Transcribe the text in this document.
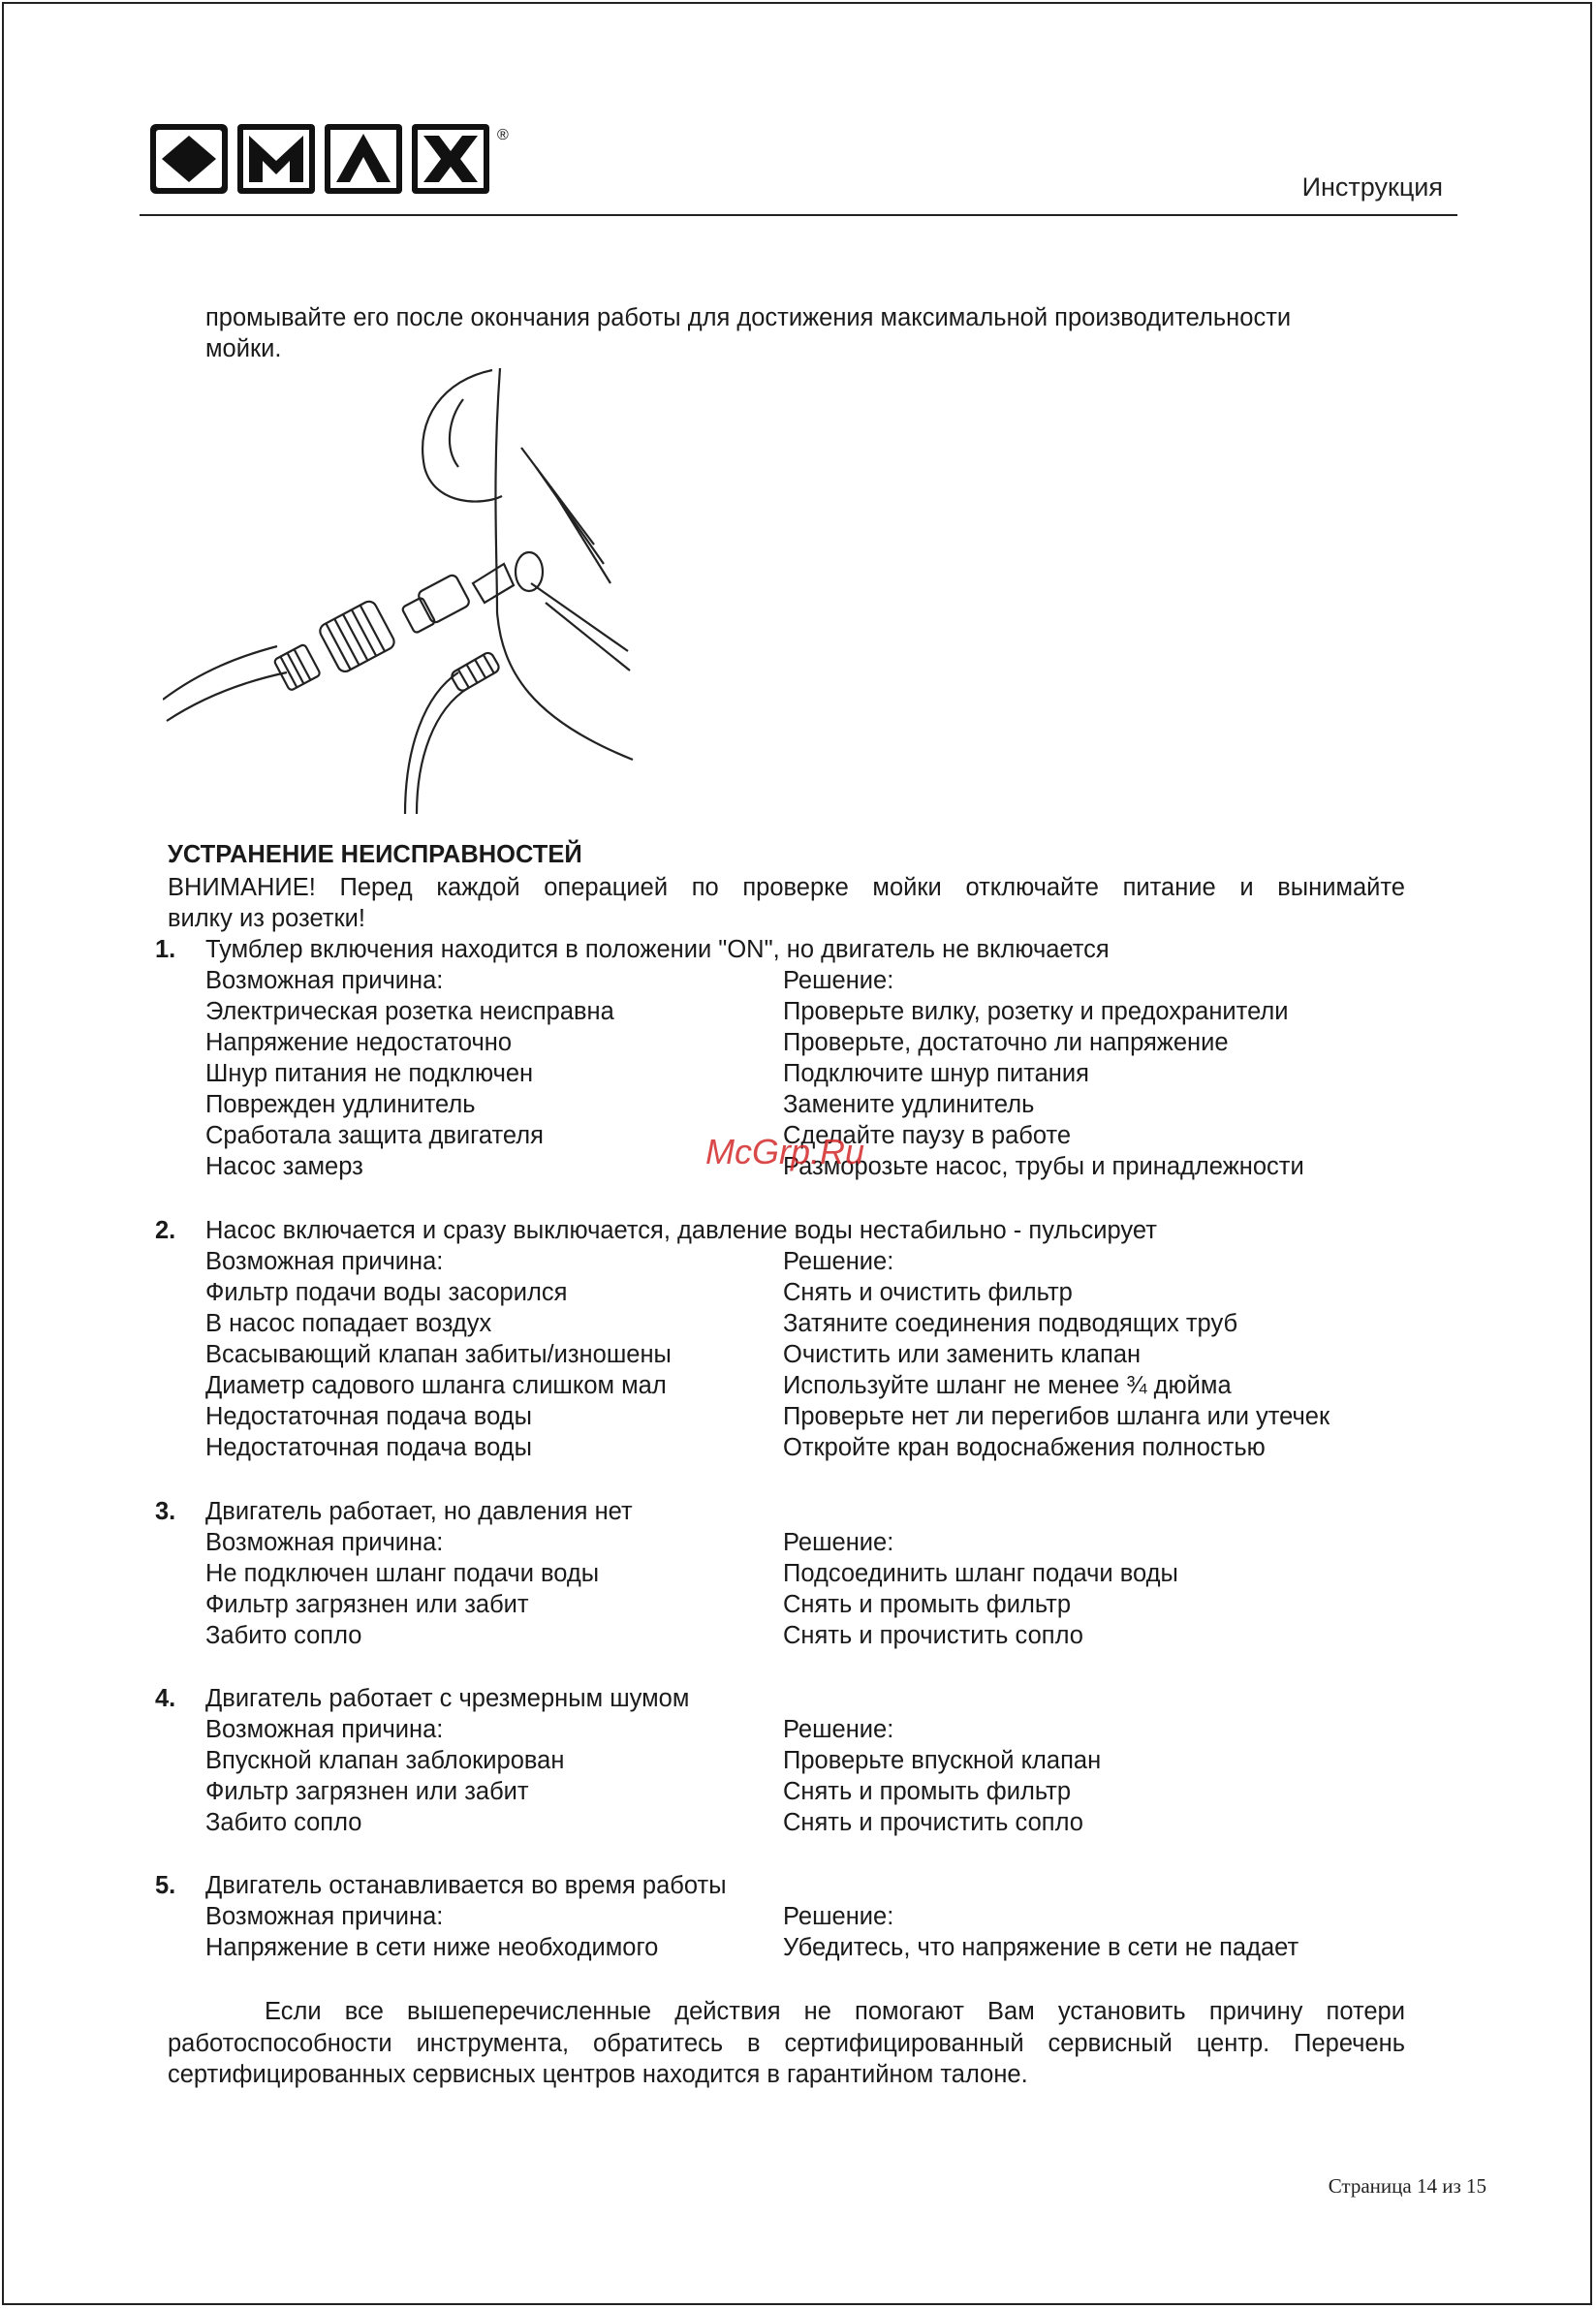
®
Инструкция
промывайте его после окончания работы для достижения максимальной производительности
мойки.
УСТРАНЕНИЕ НЕИСПРАВНОСТЕЙ
ВНИМАНИЕ! Перед каждой операцией по проверке мойки отключайте питание и вынимайте
вилку из розетки!
1. Тумблер включения находится в положении "ON", но двигатель не включается
Возможная причина:	Решение:
Электрическая розетка неисправна	Проверьте вилку, розетку и предохранители
Напряжение недостаточно	Проверьте, достаточно ли напряжение
Шнур питания не подключен	Подключите шнур питания
Поврежден удлинитель	Замените удлинитель
Сработала защита двигателя	Сделайте паузу в работе
Насос замерз	Разморозьте насос, трубы и принадлежности
2. Насос включается и сразу выключается, давление воды нестабильно - пульсирует
Возможная причина:	Решение:
Фильтр подачи воды засорился	Снять и очистить фильтр
В насос попадает воздух	Затяните соединения подводящих труб
Всасывающий клапан забиты/изношены	Очистить или заменить клапан
Диаметр садового шланга слишком мал	Используйте шланг не менее ¾ дюйма
Недостаточная подача воды	Проверьте нет ли перегибов шланга или утечек
Недостаточная подача воды	Откройте кран водоснабжения полностью
3. Двигатель работает, но давления нет
Возможная причина:	Решение:
Не подключен шланг подачи воды	Подсоединить шланг подачи воды
Фильтр загрязнен или забит	Снять и промыть фильтр
Забито сопло	Снять и прочистить сопло
4. Двигатель работает с чрезмерным шумом
Возможная причина:	Решение:
Впускной клапан заблокирован	Проверьте впускной клапан
Фильтр загрязнен или забит	Снять и промыть фильтр
Забито сопло	Снять и прочистить сопло
5. Двигатель останавливается во время работы
Возможная причина:	Решение:
Напряжение в сети ниже необходимого	Убедитесь, что напряжение в сети не падает
Если все вышеперечисленные действия не помогают Вам установить причину потери
работоспособности инструмента, обратитесь в сертифицированный сервисный центр. Перечень
сертифицированных сервисных центров находится в гарантийном талоне.
McGrp.Ru
Страница 14 из 15
